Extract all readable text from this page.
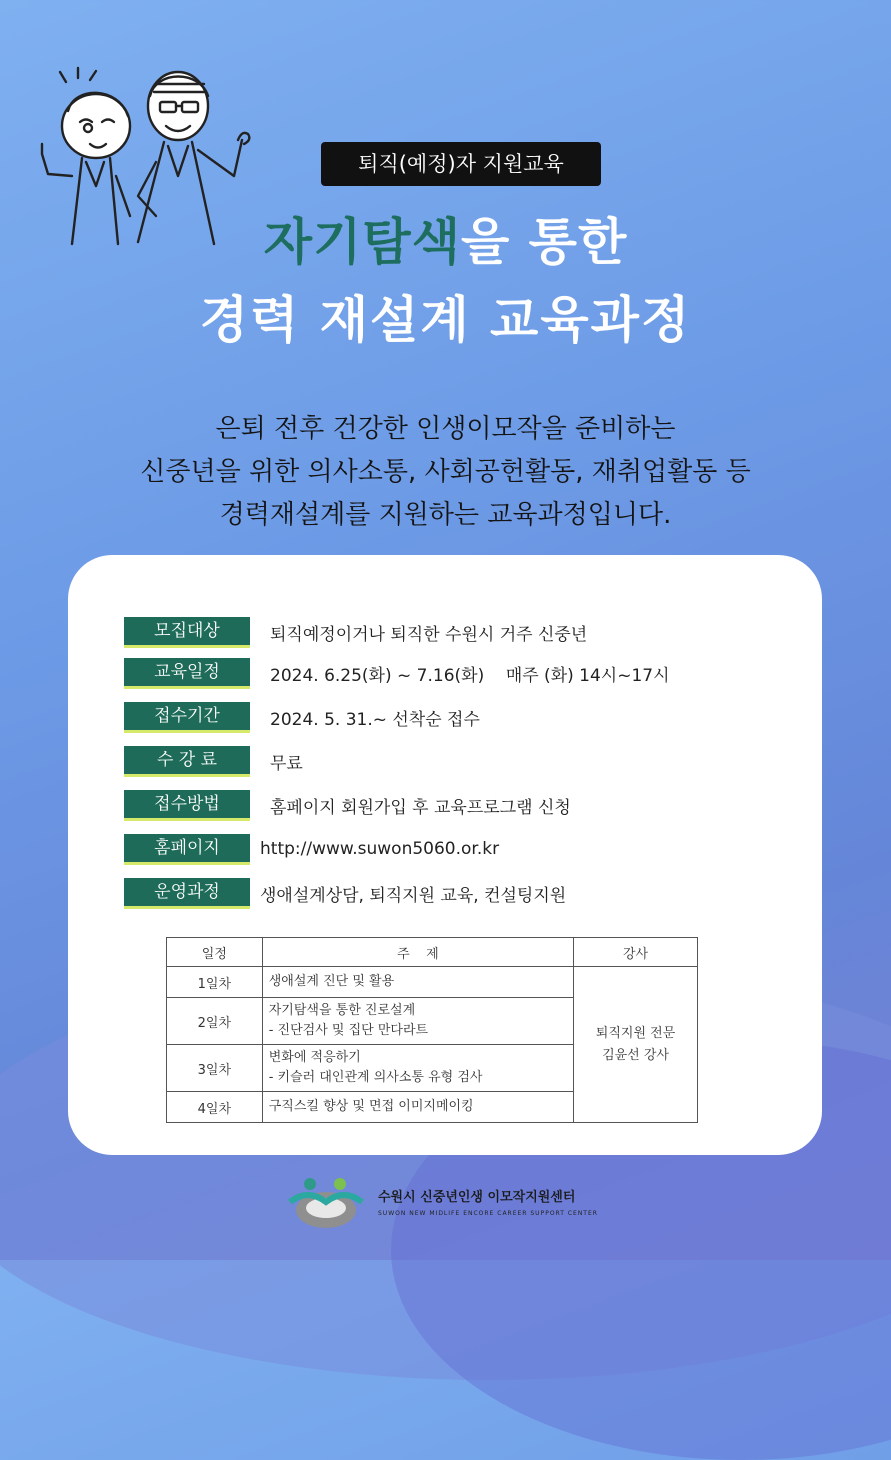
퇴직(예정)자 지원교육
자기탐색을 통한
경력 재설계 교육과정
은퇴 전후 건강한 인생이모작을 준비하는
신중년을 위한 의사소통, 사회공헌활동, 재취업활동 등
경력재설계를 지원하는 교육과정입니다.
모집대상	퇴직예정이거나 퇴직한 수원시 거주 신중년
교육일정	2024. 6.25(화) ~ 7.16(화)    매주 (화) 14시~17시
접수기간	2024. 5. 31.~ 선착순 접수
수 강 료	무료
접수방법	홈페이지 회원가입 후 교육프로그램 신청
홈페이지	http://www.suwon5060.or.kr
운영과정	생애설계상담, 퇴직지원 교육, 컨설팅지원
일정	주    제	강사
1일차	생애설계 진단 및 활용	퇴직지원 전문
김윤선 강사

2일차	자기탐색을 통한 진로설계
- 진단검사 및 집단 만다라트	

3일차	변화에 적응하기
- 키슬러 대인관계 의사소통 유형 검사	

4일차	구직스킬 향상 및 면접 이미지메이킹	
수원시 신중년인생 이모작지원센터
SUWON NEW MIDLIFE ENCORE CAREER SUPPORT CENTER
